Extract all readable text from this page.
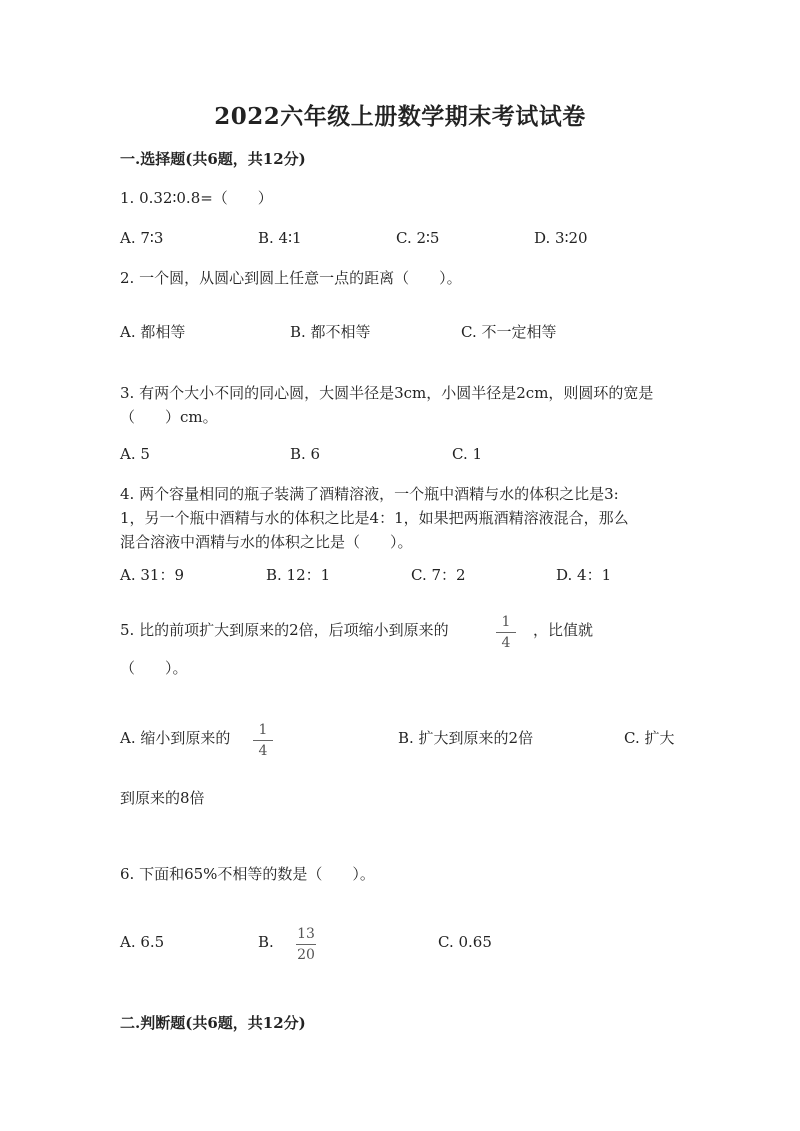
2022六年级上册数学期末考试试卷
一.选择题(共6题，共12分)
1. 0.32∶0.8=（　　）
A. 7∶3	B. 4∶1	C. 2∶5	D. 3∶20
2. 一个圆，从圆心到圆上任意一点的距离（　　）。
A. 都相等	B. 都不相等	C. 不一定相等
3. 有两个大小不同的同心圆，大圆半径是3cm，小圆半径是2cm，则圆环的宽是
（　　）cm。
A. 5	B. 6	C. 1
4. 两个容量相同的瓶子装满了酒精溶液，一个瓶中酒精与水的体积之比是3:
1，另一个瓶中酒精与水的体积之比是4：1，如果把两瓶酒精溶液混合，那么
混合溶液中酒精与水的体积之比是（　　）。
A. 31：9	B. 12：1	C. 7：2	D. 4：1
5. 比的前项扩大到原来的2倍，后项缩小到原来的	1
4
，比值就
（　　）。
A. 缩小到原来的 1
4
B. 扩大到原来的2倍	C. 扩大
到原来的8倍
6. 下面和65%不相等的数是（　　）。
A. 6.5	B. 13
20
C. 0.65
二.判断题(共6题，共12分)
